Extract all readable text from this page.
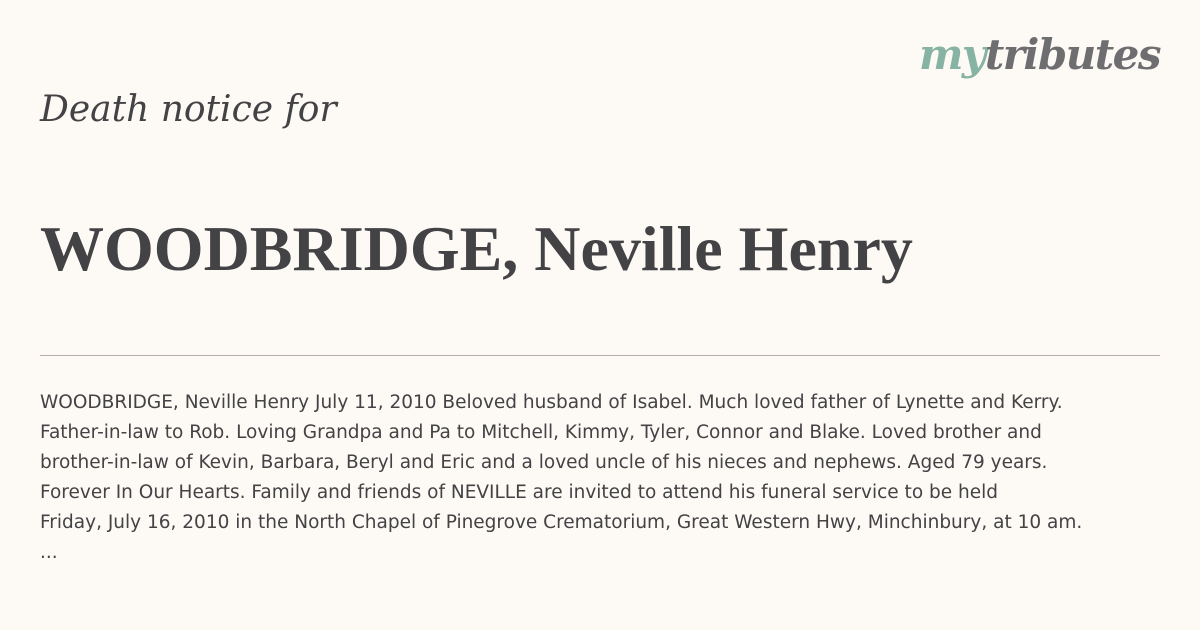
mytributes
Death notice for
WOODBRIDGE, Neville Henry

WOODBRIDGE, Neville Henry July 11, 2010 Beloved husband of Isabel. Much loved father of Lynette and Kerry.
Father-in-law to Rob. Loving Grandpa and Pa to Mitchell, Kimmy, Tyler, Connor and Blake. Loved brother and
brother-in-law of Kevin, Barbara, Beryl and Eric and a loved uncle of his nieces and nephews. Aged 79 years.
Forever In Our Hearts. Family and friends of NEVILLE are invited to attend his funeral service to be held
Friday, July 16, 2010 in the North Chapel of Pinegrove Crematorium, Great Western Hwy, Minchinbury, at 10 am.
...
